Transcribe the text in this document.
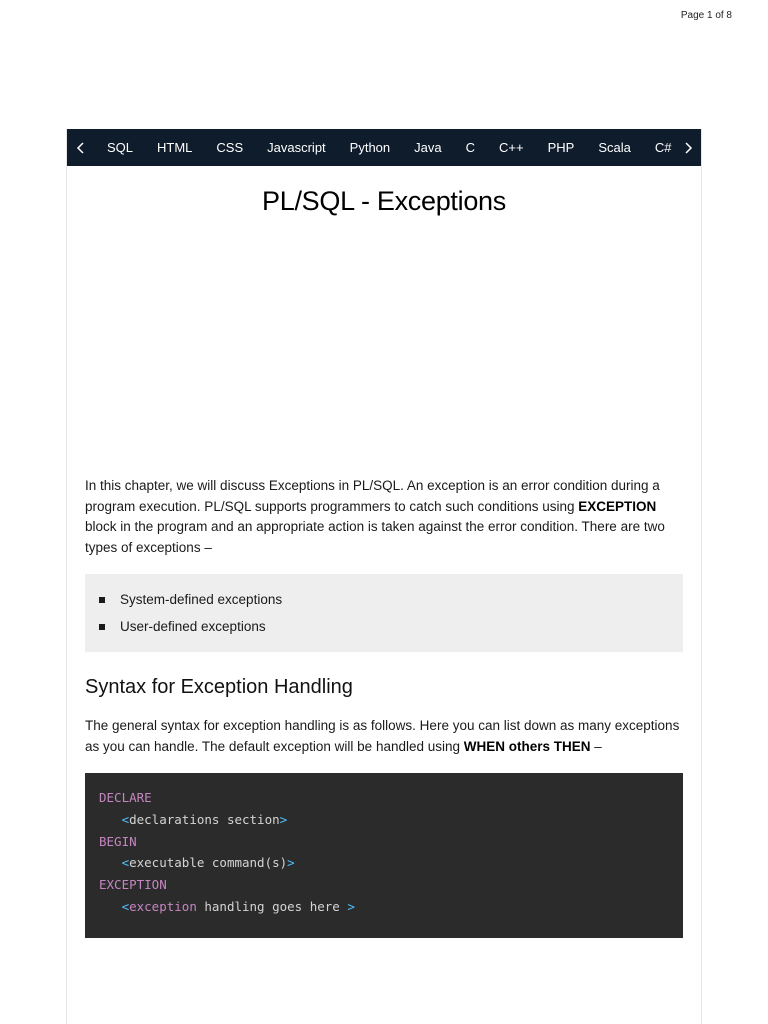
Page 1 of 8
SQL	HTML	CSS	Javascript	Python	Java	C	C++	PHP	Scala	C#
PL/SQL - Exceptions

In this chapter, we will discuss Exceptions in PL/SQL. An exception is an error condition during a program execution. PL/SQL supports programmers to catch such conditions using EXCEPTION block in the program and an appropriate action is taken against the error condition. There are two types of exceptions –

System-defined exceptions
User-defined exceptions
Syntax for Exception Handling

The general syntax for exception handling is as follows. Here you can list down as many exceptions as you can handle. The default exception will be handled using WHEN others THEN –

DECLARE
<declarations section>
BEGIN
<executable command(s)>
EXCEPTION
<exception handling goes here >
